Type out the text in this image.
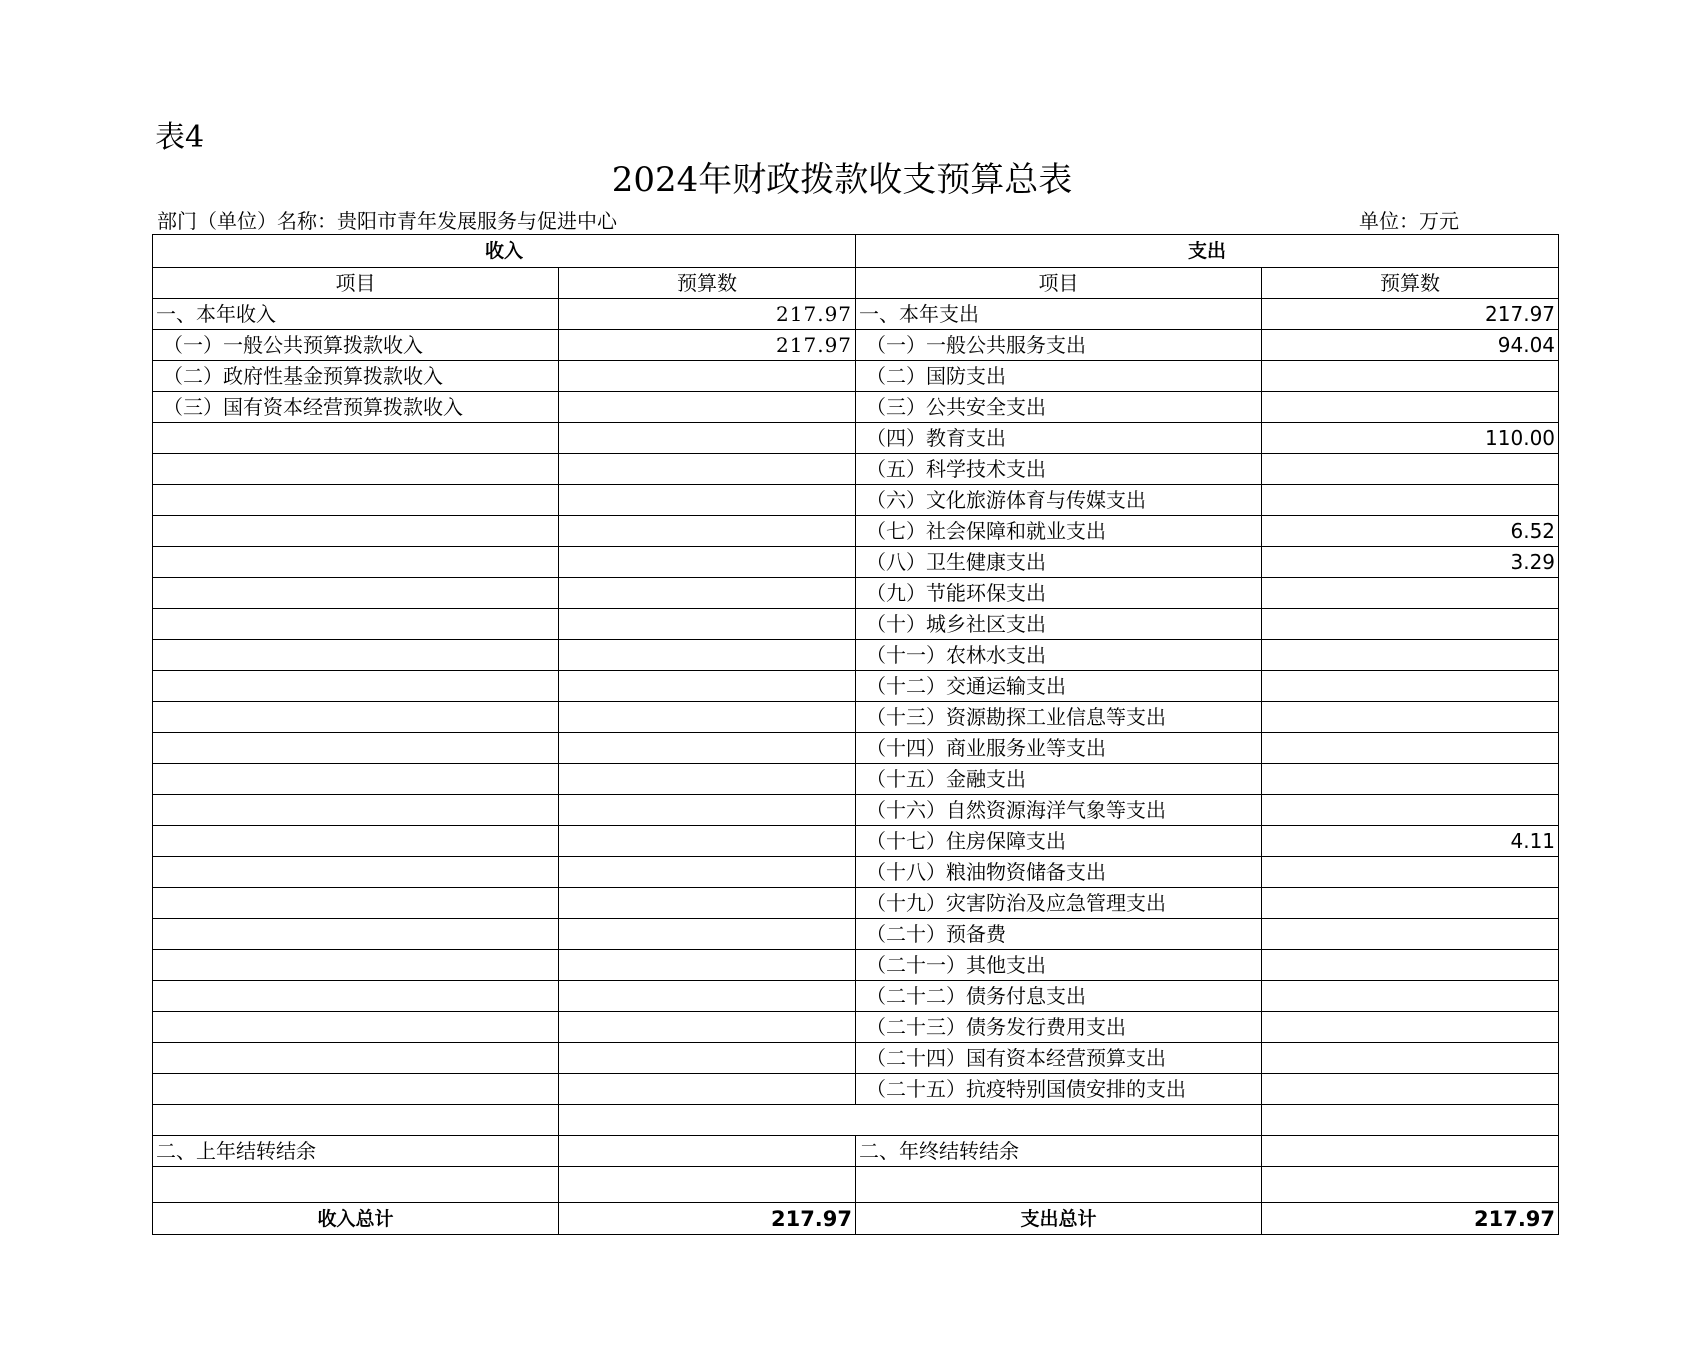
表4
2024年财政拨款收支预算总表
部门（单位）名称：贵阳市青年发展服务与促进中心	单位：万元
收入		支出	
项目	预算数	项目	预算数
一、本年收入	217.97	一、本年支出	217.97
（一）一般公共预算拨款收入	217.97	（一）一般公共服务支出	94.04
（二）政府性基金预算拨款收入		（二）国防支出	
（三）国有资本经营预算拨款收入		（三）公共安全支出	
		（四）教育支出	110.00
		（五）科学技术支出	
		（六）文化旅游体育与传媒支出	
		（七）社会保障和就业支出	6.52
		（八）卫生健康支出	3.29
		（九）节能环保支出	
		（十）城乡社区支出	
		（十一）农林水支出	
		（十二）交通运输支出	
		（十三）资源勘探工业信息等支出	
		（十四）商业服务业等支出	
		（十五）金融支出	
		（十六）自然资源海洋气象等支出	
		（十七）住房保障支出	4.11
		（十八）粮油物资储备支出	
		（十九）灾害防治及应急管理支出	
		（二十）预备费	
		（二十一）其他支出	
		（二十二）债务付息支出	
		（二十三）债务发行费用支出	
		（二十四）国有资本经营预算支出	
		（二十五）抗疫特别国债安排的支出	

二、上年结转结余		二、年终结转结余	

收入总计	217.97	支出总计	217.97
